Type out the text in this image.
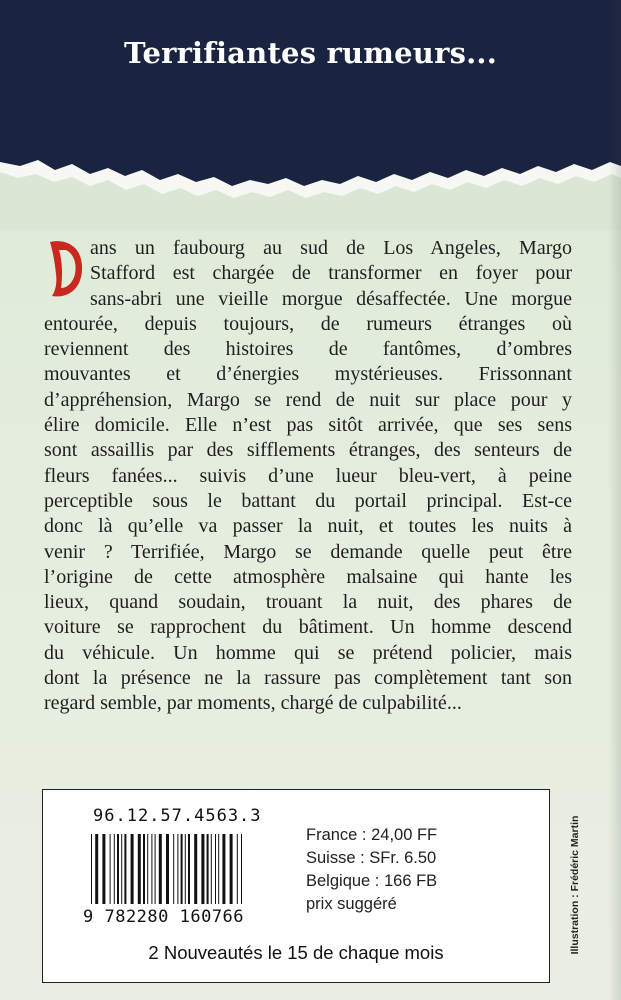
Terrifiantes rumeurs...
D
ans un faubourg au sud de Los Angeles, Margo
Stafford est chargée de transformer en foyer pour
sans-abri une vieille morgue désaffectée. Une morgue
entourée, depuis toujours, de rumeurs étranges où
reviennent des histoires de fantômes, d’ombres
mouvantes et d’énergies mystérieuses. Frissonnant
d’appréhension, Margo se rend de nuit sur place pour y
élire domicile. Elle n’est pas sitôt arrivée, que ses sens
sont assaillis par des sifflements étranges, des senteurs de
fleurs fanées... suivis d’une lueur bleu-vert, à peine
perceptible sous le battant du portail principal. Est-ce
donc là qu’elle va passer la nuit, et toutes les nuits à
venir ? Terrifiée, Margo se demande quelle peut être
l’origine de cette atmosphère malsaine qui hante les
lieux, quand soudain, trouant la nuit, des phares de
voiture se rapprochent du bâtiment. Un homme descend
du véhicule. Un homme qui se prétend policier, mais
dont la présence ne la rassure pas complètement tant son
regard semble, par moments, chargé de culpabilité...
96.12.57.4563.3
9 782280 160766
France : 24,00 FF
Suisse : SFr. 6.50
Belgique : 166 FB
prix suggéré
2 Nouveautés le 15 de chaque mois	Illustration : Frédéric Martin
